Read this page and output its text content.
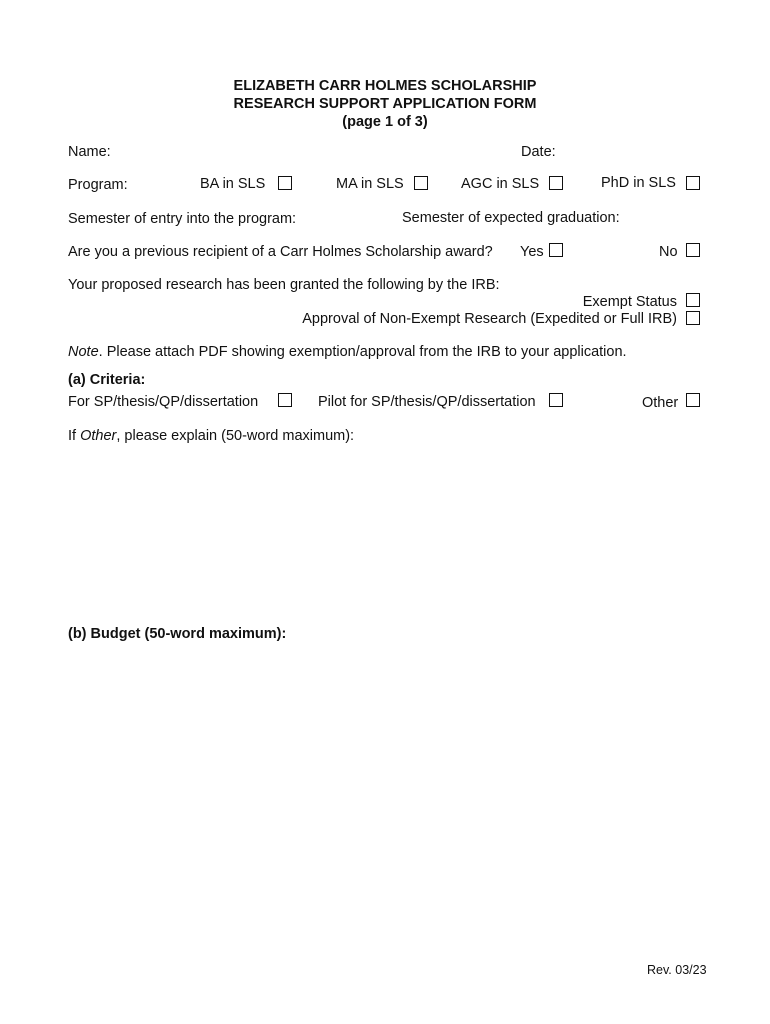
ELIZABETH CARR HOLMES SCHOLARSHIP
RESEARCH SUPPORT APPLICATION FORM
(page 1 of 3)
Name:	Date:
Program:	BA in SLS	MA in SLS	AGC in SLS	PhD in SLS
Semester of entry into the program:	Semester of expected graduation:
Are you a previous recipient of a Carr Holmes Scholarship award? Yes	No
Your proposed research has been granted the following by the IRB:
Exempt Status
Approval of Non-Exempt Research (Expedited or Full IRB)
Note. Please attach PDF showing exemption/approval from the IRB to your application.
(a) Criteria:
For SP/thesis/QP/dissertation	Pilot for SP/thesis/QP/dissertation	Other
If Other, please explain (50-word maximum):
(b) Budget (50-word maximum):
Rev. 03/23
